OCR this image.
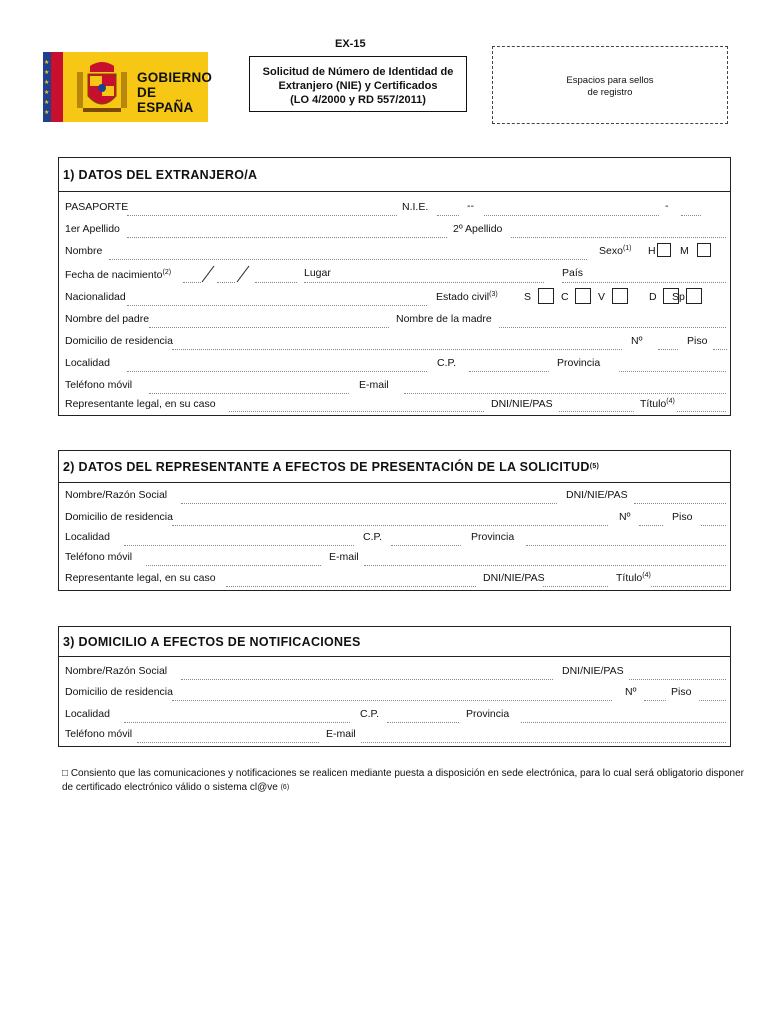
★
★
★
★
★
★
GOBIERNO
DE ESPAÑA
EX-15
Solicitud de Número de Identidad de
Extranjero (NIE) y Certificados
(LO 4/2000 y RD 557/2011)
Espacios para sellos
de registro
1) DATOS DEL EXTRANJERO/A
PASAPORTE	N.I.E.	--	-
1er Apellido	2º Apellido
Nombre	Sexo$^{(1)}$ H M
Fecha de nacimiento$^{(2)}$	Lugar	País
Nacionalidad	Estado civil$^{(3)}$	S	C	V	D Sp
Nombre del padre	Nombre de la madre
Domicilio de residencia	Nº	Piso
Localidad	C.P.	Provincia
Teléfono móvil	E-mail
Representante legal, en su caso	DNI/NIE/PAS	Título$^{(4)}$
2) DATOS DEL REPRESENTANTE A EFECTOS DE PRESENTACIÓN DE LA SOLICITUD$^{(5)}$
Nombre/Razón Social	DNI/NIE/PAS
Domicilio de residencia	Nº	Piso
Localidad	C.P.	Provincia
Teléfono móvil	E-mail
Representante legal, en su caso	DNI/NIE/PAS	Título$^{(4)}$
3) DOMICILIO A EFECTOS DE NOTIFICACIONES
Nombre/Razón Social	DNI/NIE/PAS
Domicilio de residencia	Nº	Piso
Localidad	C.P.	Provincia
Teléfono móvil	E-mail
□ Consiento que las comunicaciones y notificaciones se realicen mediante puesta a disposición en sede electrónica, para lo cual será obligatorio disponer
de certificado electrónico válido o sistema cl@ve $^{(6)}$
